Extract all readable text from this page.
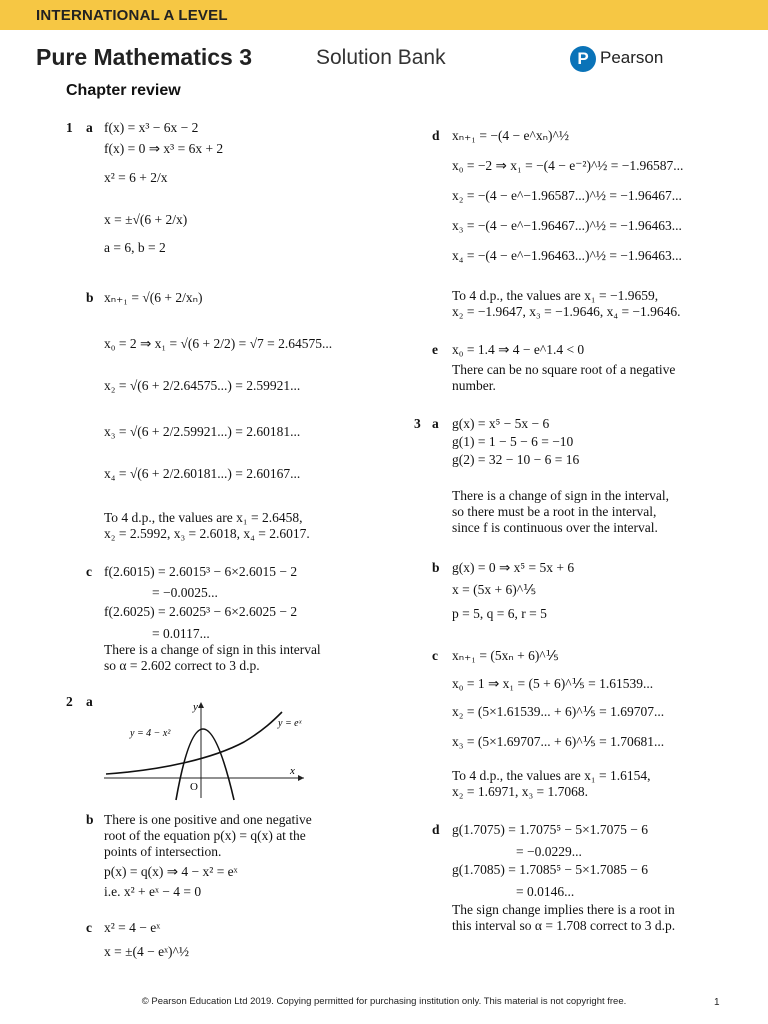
INTERNATIONAL A LEVEL
Pure Mathematics 3	Solution Bank	P Pearson
Chapter review
1 a f(x) = x³ − 6x − 2
f(x) = 0 ⇒ x³ = 6x + 2
x² = 6 + 2/x
x = ±√(6 + 2/x)
a = 6, b = 2
b xₙ₊₁ = √(6 + 2/xₙ)
x₀ = 2 ⇒ x₁ = √(6 + 2/2) = √7 = 2.64575...
x₂ = √(6 + 2/2.64575...) = 2.59921...
x₃ = √(6 + 2/2.59921...) = 2.60181...
x₄ = √(6 + 2/2.60181...) = 2.60167...
To 4 d.p., the values are x₁ = 2.6458,
x₂ = 2.5992, x₃ = 2.6018, x₄ = 2.6017.
c f(2.6015) = 2.6015³ − 6×2.6015 − 2
= −0.0025...
f(2.6025) = 2.6025³ − 6×2.6025 − 2
= 0.0117...
There is a change of sign in this interval
so α = 2.602 correct to 3 d.p.
2 a	y
x
O
y = 4 − x²
y = eˣ
b There is one positive and one negative
root of the equation p(x) = q(x) at the
points of intersection.
p(x) = q(x) ⇒ 4 − x² = eˣ
i.e. x² + eˣ − 4 = 0
c x² = 4 − eˣ
x = ±(4 − eˣ)^½
d xₙ₊₁ = −(4 − e^xₙ)^½
x₀ = −2 ⇒ x₁ = −(4 − e⁻²)^½ = −1.96587...
x₂ = −(4 − e^−1.96587...)^½ = −1.96467...
x₃ = −(4 − e^−1.96467...)^½ = −1.96463...
x₄ = −(4 − e^−1.96463...)^½ = −1.96463...
To 4 d.p., the values are x₁ = −1.9659,
x₂ = −1.9647, x₃ = −1.9646, x₄ = −1.9646.
e x₀ = 1.4 ⇒ 4 − e^1.4 < 0
There can be no square root of a negative
number.
3 a g(x) = x⁵ − 5x − 6
g(1) = 1 − 5 − 6 = −10
g(2) = 32 − 10 − 6 = 16
There is a change of sign in the interval,
so there must be a root in the interval,
since f is continuous over the interval.
b g(x) = 0 ⇒ x⁵ = 5x + 6
x = (5x + 6)^⅕
p = 5, q = 6, r = 5
c xₙ₊₁ = (5xₙ + 6)^⅕
x₀ = 1 ⇒ x₁ = (5 + 6)^⅕ = 1.61539...
x₂ = (5×1.61539... + 6)^⅕ = 1.69707...
x₃ = (5×1.69707... + 6)^⅕ = 1.70681...
To 4 d.p., the values are x₁ = 1.6154,
x₂ = 1.6971, x₃ = 1.7068.
d g(1.7075) = 1.7075⁵ − 5×1.7075 − 6
= −0.0229...
g(1.7085) = 1.7085⁵ − 5×1.7085 − 6
= 0.0146...
The sign change implies there is a root in
this interval so α = 1.708 correct to 3 d.p.
© Pearson Education Ltd 2019. Copying permitted for purchasing institution only. This material is not copyright free.	1
